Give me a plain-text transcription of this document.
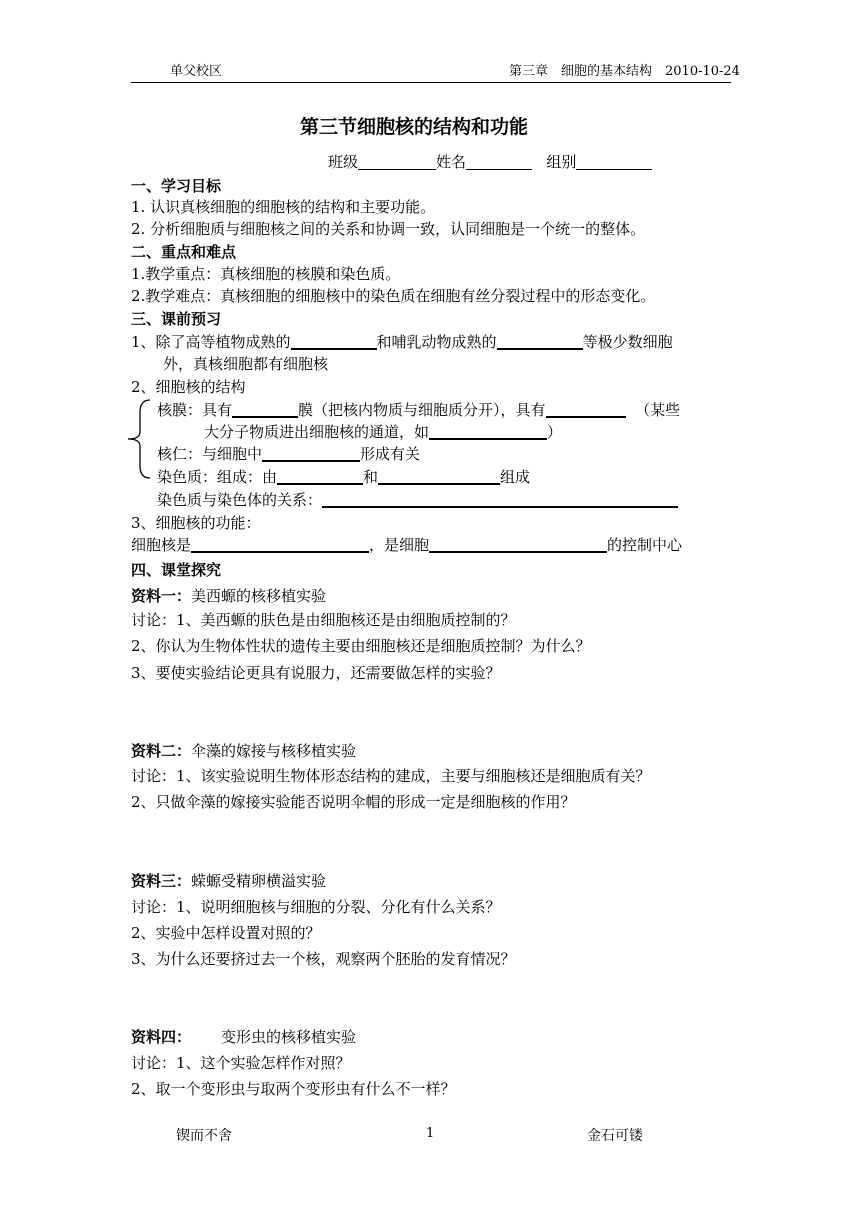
单父校区	第三章　细胞的基本结构　2010-10-24
第三节细胞核的结构和功能
班级	姓名	组别
一、学习目标
1. 认识真核细胞的细胞核的结构和主要功能。
2. 分析细胞质与细胞核之间的关系和协调一致，认同细胞是一个统一的整体。
二、重点和难点
1.教学重点：真核细胞的核膜和染色质。
2.教学难点：真核细胞的细胞核中的染色质在细胞有丝分裂过程中的形态变化。
三、课前预习
1、除了高等植物成熟的	和哺乳动物成熟的	等极少数细胞
外，真核细胞都有细胞核
2、细胞核的结构
核膜：具有	膜（把核内物质与细胞质分开），具有	（某些
大分子物质进出细胞核的通道，如	）
核仁：与细胞中	形成有关
染色质：组成：由	和	组成
染色质与染色体的关系：
3、细胞核的功能：
细胞核是	，是细胞	的控制中心
四、课堂探究
资料一：美西螈的核移植实验
讨论：1、美西螈的肤色是由细胞核还是由细胞质控制的？
2、你认为生物体性状的遗传主要由细胞核还是细胞质控制？为什么？
3、要使实验结论更具有说服力，还需要做怎样的实验？
资料二：伞藻的嫁接与核移植实验
讨论：1、该实验说明生物体形态结构的建成，主要与细胞核还是细胞质有关？
2、只做伞藻的嫁接实验能否说明伞帽的形成一定是细胞核的作用？
资料三：蝾螈受精卵横溢实验
讨论：1、说明细胞核与细胞的分裂、分化有什么关系？
2、实验中怎样设置对照的？
3、为什么还要挤过去一个核，观察两个胚胎的发育情况？
资料四： 变形虫的核移植实验
讨论：1、这个实验怎样作对照？
2、取一个变形虫与取两个变形虫有什么不一样？
锲而不舍	1	金石可镂
